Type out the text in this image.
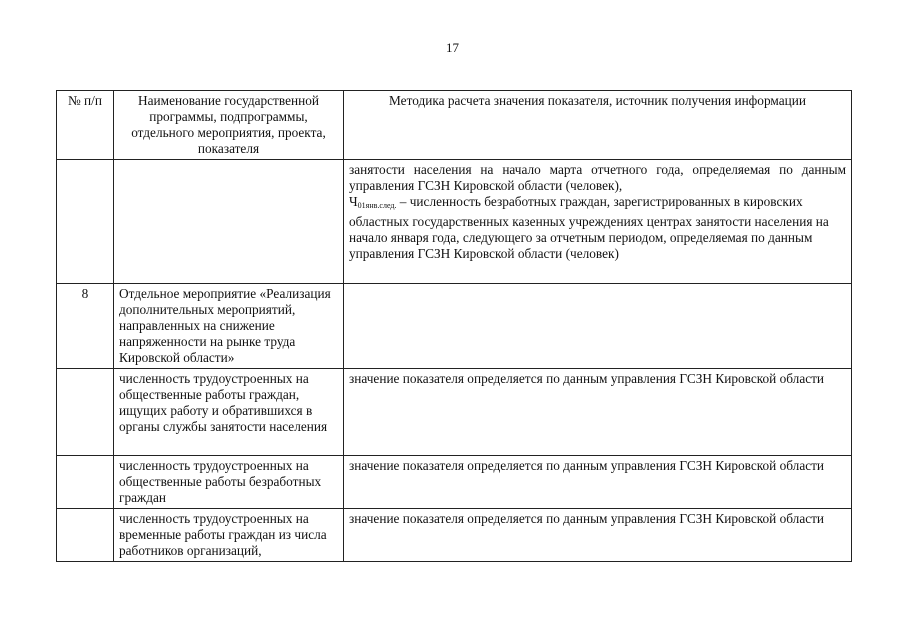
17
№ п/п	Наименование государственной программы, подпрограммы, отдельного мероприятия, проекта, показателя	Методика расчета значения показателя, источник получения информации

		занятости населения на начало марта отчетного года, определяемая по данным управления ГСЗН Кировской области (человек),

$Ч_{01янв.след.}$ – численность безработных граждан, зарегистрированных в кировских областных государственных казенных учреждениях центрах занятости населения на начало января года, следующего за отчетным периодом, определяемая по данным управления ГСЗН Кировской области (человек)

8	Отдельное мероприятие «Реализация дополнительных мероприятий, направленных на снижение напряженности на рынке труда Кировской области»	
	численность трудоустроенных на общественные работы граждан, ищущих работу и обратившихся в органы службы занятости населения	значение показателя определяется по данным управления ГСЗН Кировской области
	численность трудоустроенных на общественные работы безработных граждан	значение показателя определяется по данным управления ГСЗН Кировской области
	численность трудоустроенных на временные работы граждан из числа работников организаций,	значение показателя определяется по данным управления ГСЗН Кировской области
